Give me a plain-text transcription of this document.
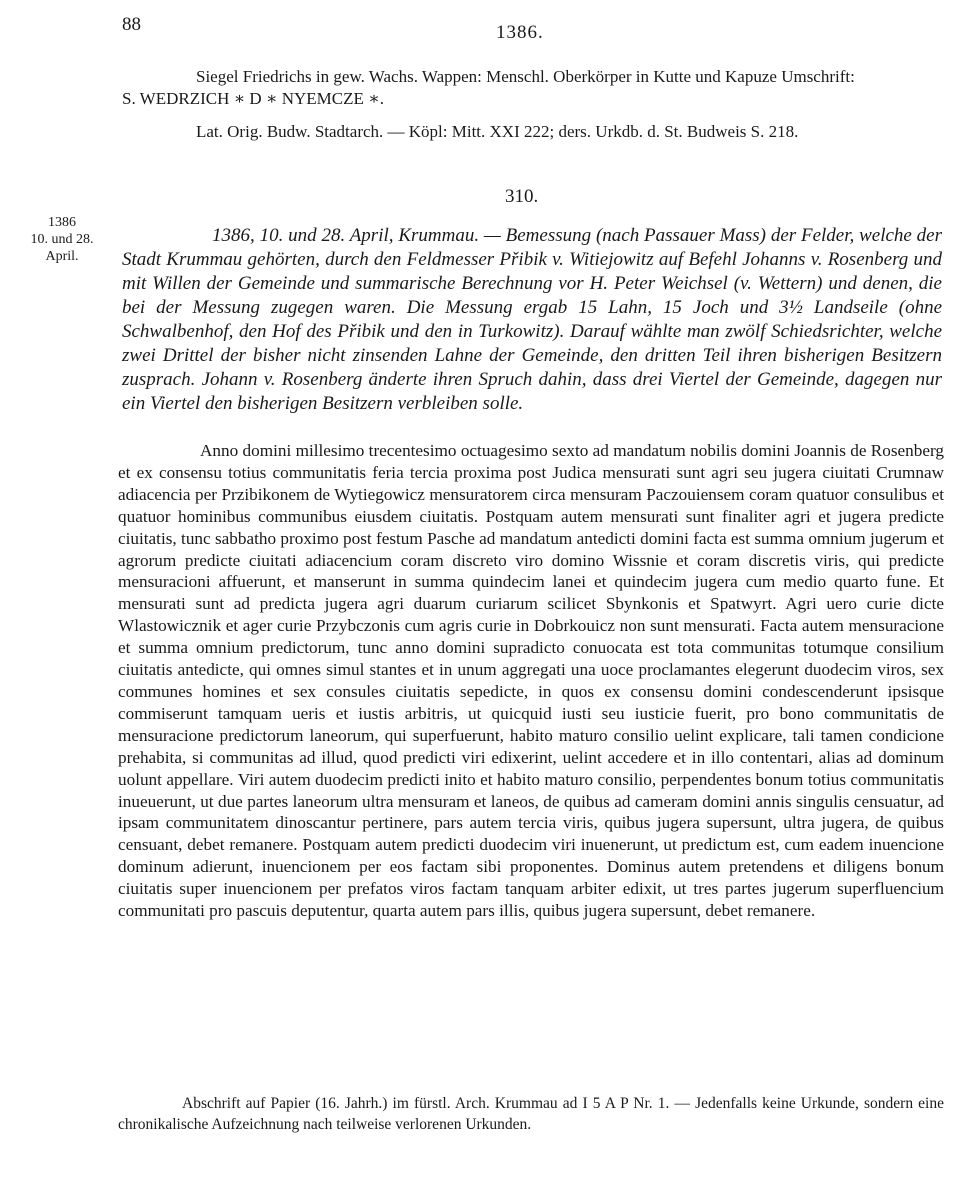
88	1386.
Siegel Friedrichs in gew. Wachs. Wappen: Menschl. Oberkörper in Kutte und Kapuze Umschrift:
S. WEDRZICH ∗ D ∗ NYEMCZE ∗.
Lat. Orig. Budw. Stadtarch. — Köpl: Mitt. XXI 222; ders. Urkdb. d. St. Budweis S. 218.
310.
1386
10. und 28.
April.

1386, 10. und 28. April, Krummau. — Bemessung (nach Passauer Mass) der Felder, welche der Stadt Krummau gehörten, durch den Feldmesser Přibik v. Witiejowitz auf Befehl Johanns v. Rosenberg und mit Willen der Gemeinde und summarische Berechnung vor H. Peter Weichsel (v. Wettern) und denen, die bei der Messung zugegen waren. Die Messung ergab 15 Lahn, 15 Joch und 3½ Landseile (ohne Schwalbenhof, den Hof des Přibik und den in Turkowitz). Darauf wählte man zwölf Schiedsrichter, welche zwei Drittel der bisher nicht zinsenden Lahne der Gemeinde, den dritten Teil ihren bisherigen Besitzern zusprach. Johann v. Rosenberg änderte ihren Spruch dahin, dass drei Viertel der Gemeinde, dagegen nur ein Viertel den bisherigen Besitzern verbleiben solle.

Anno domini millesimo trecentesimo octuagesimo sexto ad mandatum nobilis domini Joannis de Rosenberg et ex consensu totius communitatis feria tercia proxima post Judica mensurati sunt agri seu jugera ciuitati Crumnaw adiacencia per Przibikonem de Wytiegowicz mensuratorem circa mensuram Paczouiensem coram quatuor consulibus et quatuor hominibus communibus eiusdem ciuitatis. Postquam autem mensurati sunt finaliter agri et jugera predicte ciuitatis, tunc sabbatho proximo post festum Pasche ad mandatum antedicti domini facta est summa omnium jugerum et agrorum predicte ciuitati adiacencium coram discreto viro domino Wissnie et coram discretis viris, qui predicte mensuracioni affuerunt, et manserunt in summa quindecim lanei et quindecim jugera cum medio quarto fune. Et mensurati sunt ad predicta jugera agri duarum curiarum scilicet Sbynkonis et Spatwyrt. Agri uero curie dicte Wlastowicznik et ager curie Przybczonis cum agris curie in Dobrkouicz non sunt mensurati. Facta autem mensuracione et summa omnium predictorum, tunc anno domini supradicto conuocata est tota communitas totumque consilium ciuitatis antedicte, qui omnes simul stantes et in unum aggregati una uoce proclamantes elegerunt duodecim viros, sex communes homines et sex consules ciuitatis sepedicte, in quos ex consensu domini condescenderunt ipsisque commiserunt tamquam ueris et iustis arbitris, ut quicquid iusti seu iusticie fuerit, pro bono communitatis de mensuracione predictorum laneorum, qui superfuerunt, habito maturo consilio uelint explicare, tali tamen condicione prehabita, si communitas ad illud, quod predicti viri edixerint, uelint accedere et in illo contentari, alias ad dominum uolunt appellare. Viri autem duodecim predicti inito et habito maturo consilio, perpendentes bonum totius communitatis inueuerunt, ut due partes laneorum ultra mensuram et laneos, de quibus ad cameram domini annis singulis censuatur, ad ipsam communitatem dinoscantur pertinere, pars autem tercia viris, quibus jugera supersunt, ultra jugera, de quibus censuant, debet remanere. Postquam autem predicti duodecim viri inuenerunt, ut predictum est, cum eadem inuencione dominum adierunt, inuencionem per eos factam sibi proponentes. Dominus autem pretendens et diligens bonum ciuitatis super inuencionem per prefatos viros factam tanquam arbiter edixit, ut tres partes jugerum superfluencium communitati pro pascuis deputentur, quarta autem pars illis, quibus jugera supersunt, debet remanere.

Abschrift auf Papier (16. Jahrh.) im fürstl. Arch. Krummau ad I 5 A P Nr. 1. — Jedenfalls keine Urkunde, sondern eine chronikalische Aufzeichnung nach teilweise verlorenen Urkunden.
